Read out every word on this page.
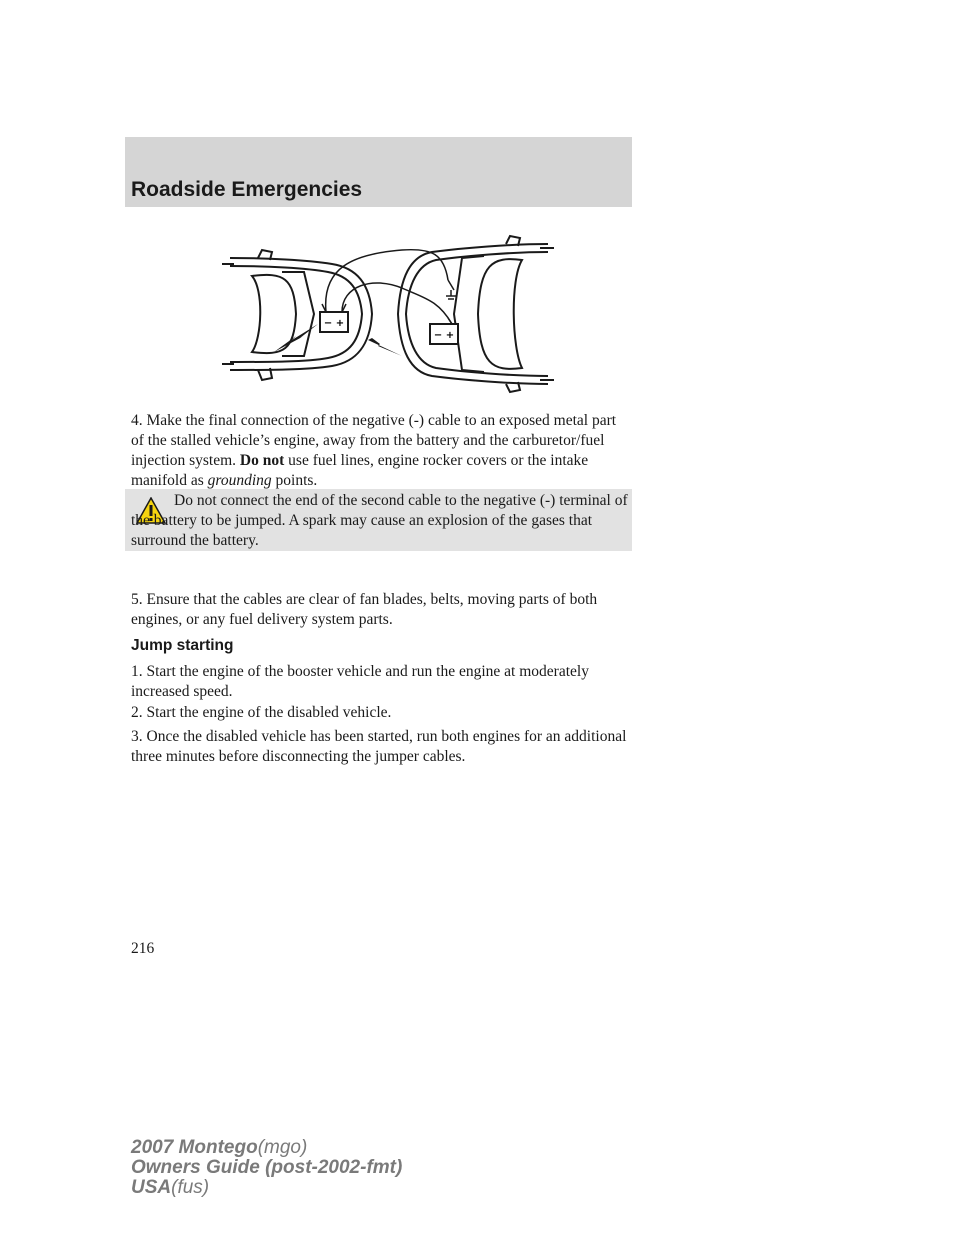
Roadside Emergencies
− +
− +

4. Make the final connection of the negative (-) cable to an exposed metal part of the stalled vehicle’s engine, away from the battery and the carburetor/fuel injection system. Do not use fuel lines, engine rocker covers or the intake manifold as grounding points.

Do not connect the end of the second cable to the negative (-) terminal of the battery to be jumped. A spark may cause an explosion of the gases that surround the battery.

5. Ensure that the cables are clear of fan blades, belts, moving parts of both engines, or any fuel delivery system parts.

Jump starting

1. Start the engine of the booster vehicle and run the engine at moderately increased speed.

2. Start the engine of the disabled vehicle.

3. Once the disabled vehicle has been started, run both engines for an additional three minutes before disconnecting the jumper cables.

216

2007 Montego(mgo)
Owners Guide (post-2002-fmt)
USA(fus)
